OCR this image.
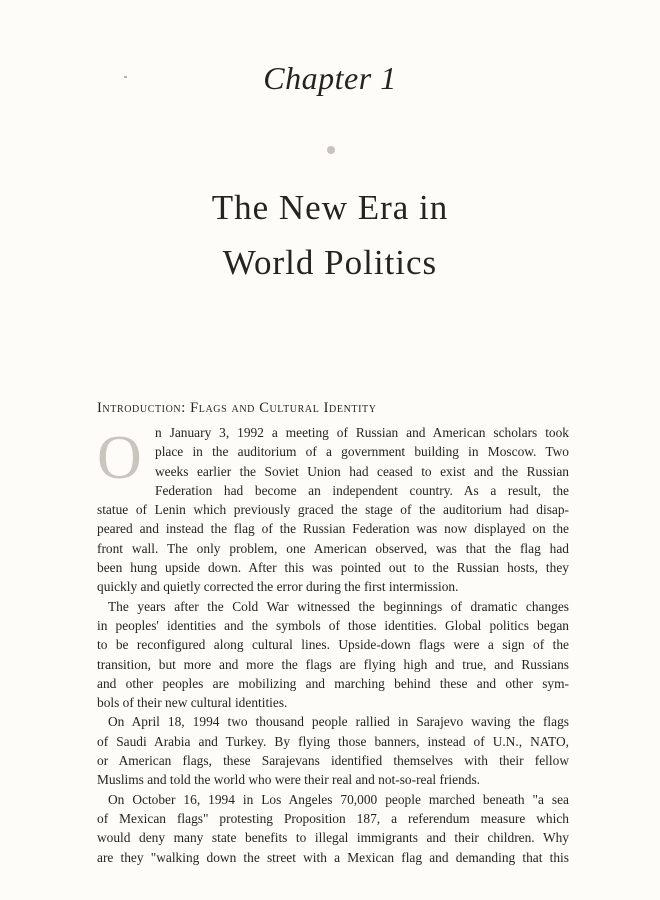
Chapter 1
The New Era in
World Politics
Introduction: Flags and Cultural Identity
O n January 3, 1992 a meeting of Russian and American scholars took
place in the auditorium of a government building in Moscow. Two
weeks earlier the Soviet Union had ceased to exist and the Russian
Federation had become an independent country. As a result, the
statue of Lenin which previously graced the stage of the auditorium had disap-
peared and instead the flag of the Russian Federation was now displayed on the
front wall. The only problem, one American observed, was that the flag had
been hung upside down. After this was pointed out to the Russian hosts, they
quickly and quietly corrected the error during the first intermission.
The years after the Cold War witnessed the beginnings of dramatic changes
in peoples' identities and the symbols of those identities. Global politics began
to be reconfigured along cultural lines. Upside-down flags were a sign of the
transition, but more and more the flags are flying high and true, and Russians
and other peoples are mobilizing and marching behind these and other sym-
bols of their new cultural identities.
On April 18, 1994 two thousand people rallied in Sarajevo waving the flags
of Saudi Arabia and Turkey. By flying those banners, instead of U.N., NATO,
or American flags, these Sarajevans identified themselves with their fellow
Muslims and told the world who were their real and not-so-real friends.
On October 16, 1994 in Los Angeles 70,000 people marched beneath "a sea
of Mexican flags" protesting Proposition 187, a referendum measure which
would deny many state benefits to illegal immigrants and their children. Why
are they "walking down the street with a Mexican flag and demanding that this
